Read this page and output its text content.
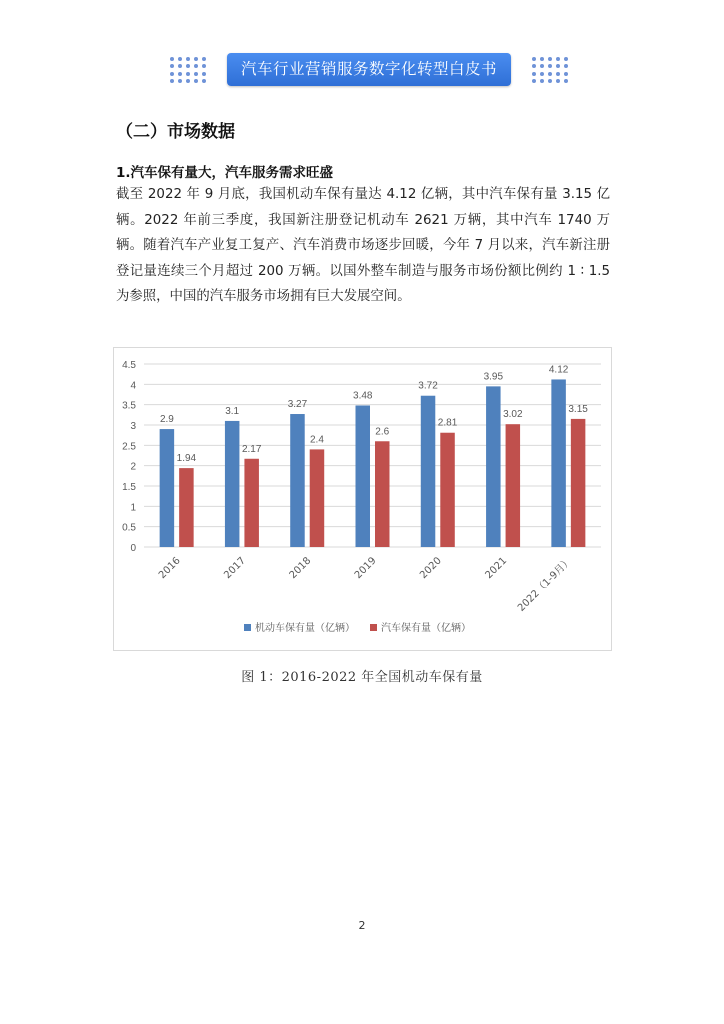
汽车行业营销服务数字化转型白皮书
（二）市场数据
1.汽车保有量大，汽车服务需求旺盛

截至 2022 年 9 月底，我国机动车保有量达 4.12 亿辆，其中汽车保有量 3.15 亿辆。2022 年前三季度，我国新注册登记机动车 2621 万辆，其中汽车 1740 万辆。随着汽车产业复工复产、汽车消费市场逐步回暖，今年 7 月以来，汽车新注册登记量连续三个月超过 200 万辆。以国外整车制造与服务市场份额比例约 1 ∶ 1.5 为参照，中国的汽车服务市场拥有巨大发展空间。

0
0.5
1
1.5
2
2.5
3
3.5
4
4.5
2.9
1.94
2016
3.1
2.17
2017
3.27
2.4
2018
3.48
2.6
2019
3.72
2.81
2020
3.95
3.02
2021
4.12
3.15
2022（1-9月）
机动车保有量（亿辆）	汽车保有量（亿辆）
图 1：2016-2022 年全国机动车保有量
2
